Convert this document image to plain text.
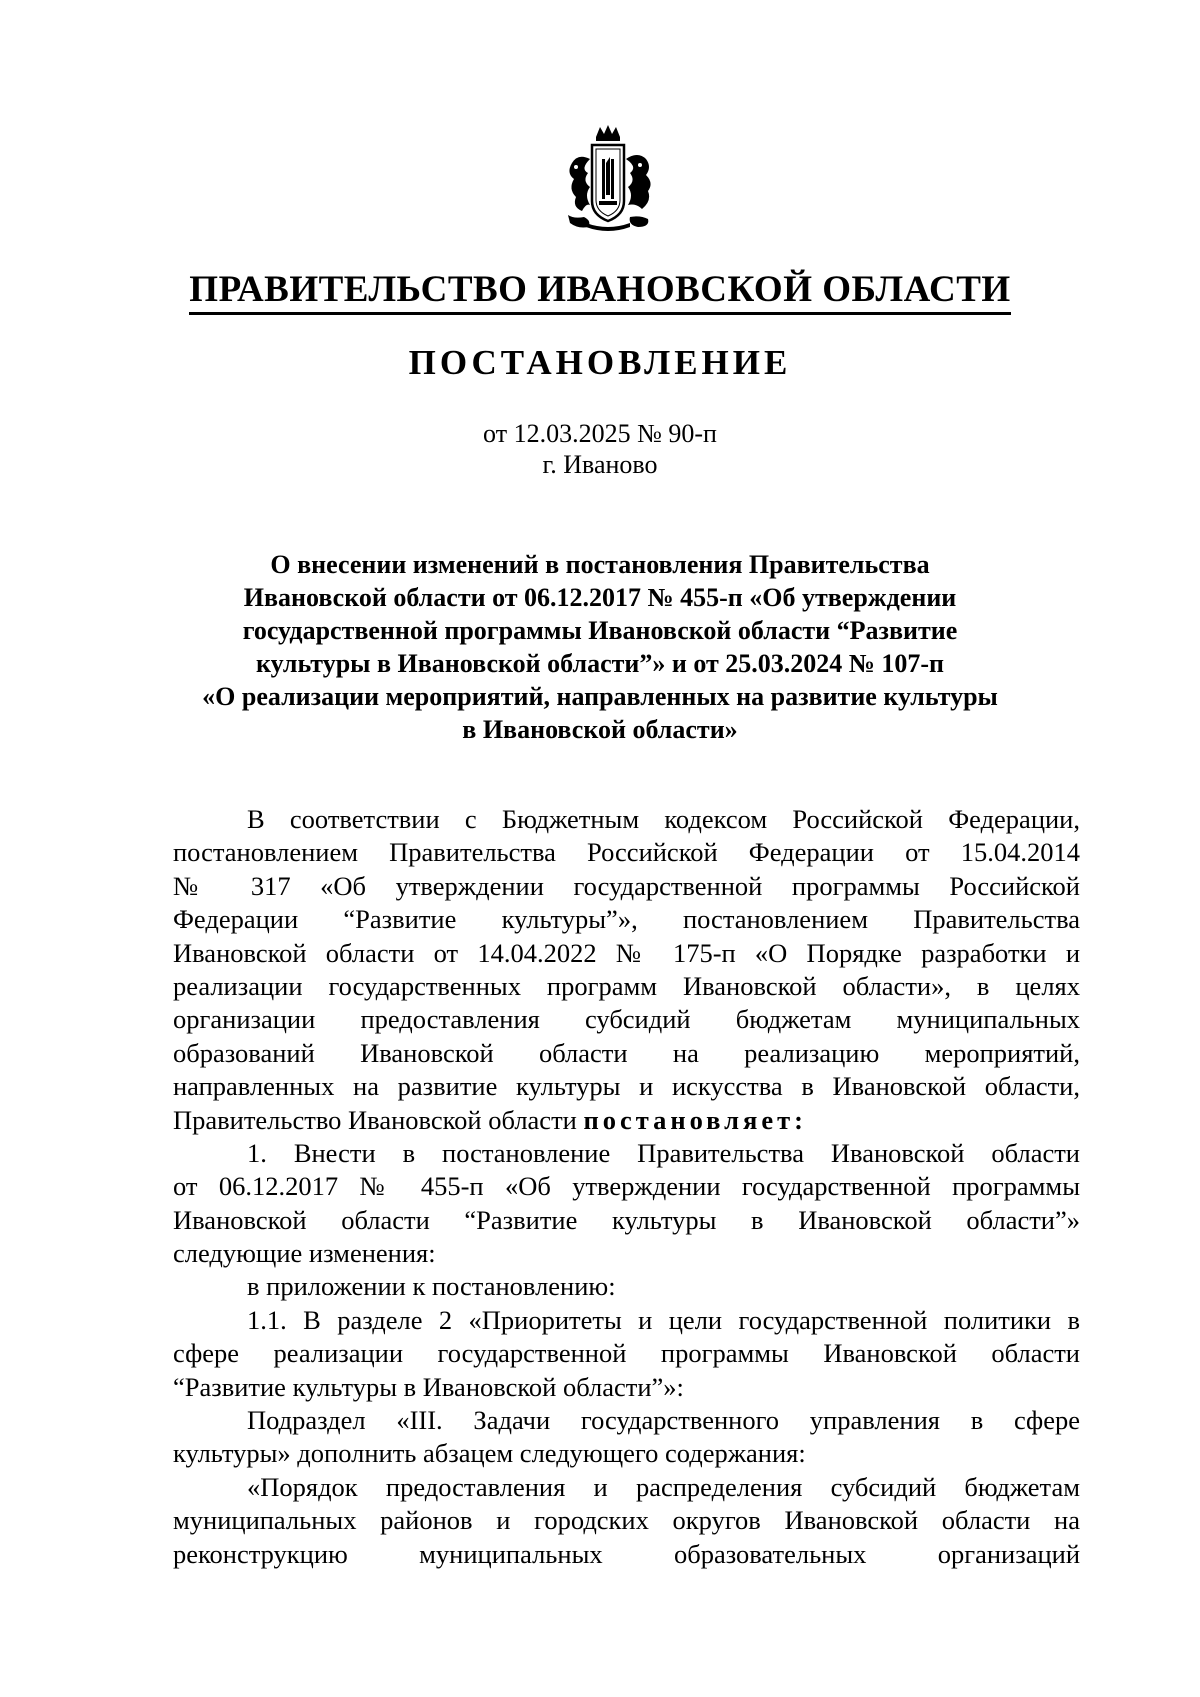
ПРАВИТЕЛЬСТВО ИВАНОВСКОЙ ОБЛАСТИ
ПОСТАНОВЛЕНИЕ
от 12.03.2025 № 90-п
г. Иваново
О внесении изменений в постановления Правительства
Ивановской области от 06.12.2017 № 455-п «Об утверждении
государственной программы Ивановской области “Развитие
культуры в Ивановской области”» и от 25.03.2024 № 107-п
«О реализации мероприятий, направленных на развитие культуры
в Ивановской области»
В соответствии с Бюджетным кодексом Российской Федерации,
постановлением Правительства Российской Федерации от 15.04.2014
№ 317 «Об утверждении государственной программы Российской
Федерации “Развитие культуры”», постановлением Правительства
Ивановской области от 14.04.2022 № 175-п «О Порядке разработки и
реализации государственных программ Ивановской области», в целях
организации предоставления субсидий бюджетам муниципальных
образований Ивановской области на реализацию мероприятий,
направленных на развитие культуры и искусства в Ивановской области,
Правительство Ивановской области постановляет:
1. Внести в постановление Правительства Ивановской области
от 06.12.2017 № 455-п «Об утверждении государственной программы
Ивановской области “Развитие культуры в Ивановской области”»
следующие изменения:
в приложении к постановлению:
1.1. В разделе 2 «Приоритеты и цели государственной политики в
сфере реализации государственной программы Ивановской области
“Развитие культуры в Ивановской области”»:
Подраздел «III. Задачи государственного управления в сфере
культуры» дополнить абзацем следующего содержания:
«Порядок предоставления и распределения субсидий бюджетам
муниципальных районов и городских округов Ивановской области на
реконструкцию муниципальных образовательных организаций
